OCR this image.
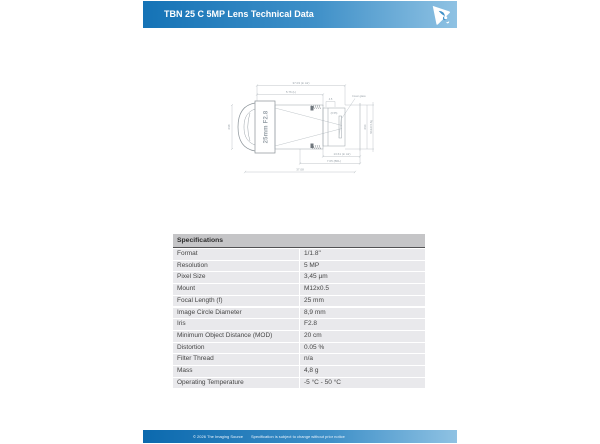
TBN 25 C 5MP Lens Technical Data
37.03 (in Air)
5.76 (L)
4.5
Cover glass
Ø18	25mm F2.8	(0.55)
Ø14	M12x0.5-6g
13.61 (in Air)
7.65 (BFL)
37.08
Specifications
Format	1/1.8"
Resolution	5 MP
Pixel Size	3,45 µm
Mount	M12x0.5
Focal Length (f)	25 mm
Image Circle Diameter	8,9 mm
Iris	F2.8
Minimum Object Distance (MOD)	20 cm
Distortion	0.05 %
Filter Thread	n/a
Mass	4,8 g
Operating Temperature	-5 °C - 50 °C
© 2026 The Imaging Source Specification is subject to change without prior notice
